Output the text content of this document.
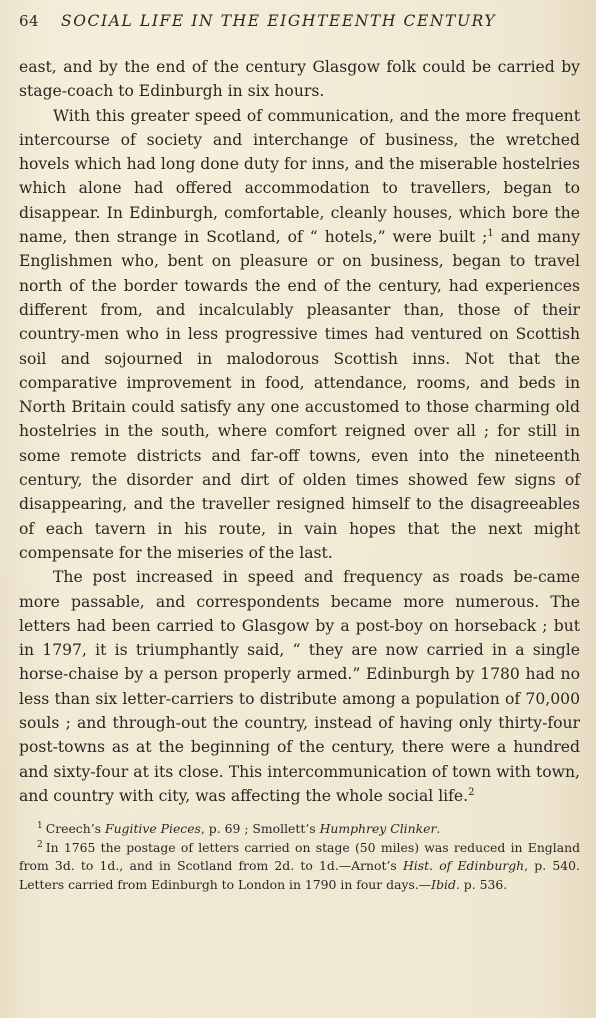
64	SOCIAL LIFE IN THE EIGHTEENTH CENTURY

east, and by the end of the century Glasgow folk could be carried by stage-coach to Edinburgh in six hours.

With this greater speed of communication, and the more frequent intercourse of society and interchange of business, the wretched hovels which had long done duty for inns, and the miserable hostelries which alone had offered accommodation to travellers, began to disappear. In Edinburgh, comfortable, cleanly houses, which bore the name, then strange in Scotland, of “ hotels,” were built ;$^1$ and many Englishmen who, bent on pleasure or on business, began to travel north of the border towards the end of the century, had experiences different from, and incalculably pleasanter than, those of their country-men who in less progressive times had ventured on Scottish soil and sojourned in malodorous Scottish inns. Not that the comparative improvement in food, attendance, rooms, and beds in North Britain could satisfy any one accustomed to those charming old hostelries in the south, where comfort reigned over all ; for still in some remote districts and far-off towns, even into the nineteenth century, the disorder and dirt of olden times showed few signs of disappearing, and the traveller resigned himself to the disagreeables of each tavern in his route, in vain hopes that the next might compensate for the miseries of the last.

The post increased in speed and frequency as roads be-came more passable, and correspondents became more numerous. The letters had been carried to Glasgow by a post-boy on horseback ; but in 1797, it is triumphantly said, “ they are now carried in a single horse-chaise by a person properly armed.” Edinburgh by 1780 had no less than six letter-carriers to distribute among a population of 70,000 souls ; and through-out the country, instead of having only thirty-four post-towns as at the beginning of the century, there were a hundred and sixty-four at its close. This intercommunication of town with town, and country with city, was affecting the whole social life.$^2$

$^1$ Creech’s Fugitive Pieces, p. 69 ; Smollett’s Humphrey Clinker.

$^2$ In 1765 the postage of letters carried on stage (50 miles) was reduced in England from 3d. to 1d., and in Scotland from 2d. to 1d.—Arnot’s Hist. of Edinburgh, p. 540. Letters carried from Edinburgh to London in 1790 in four days.—Ibid. p. 536.
